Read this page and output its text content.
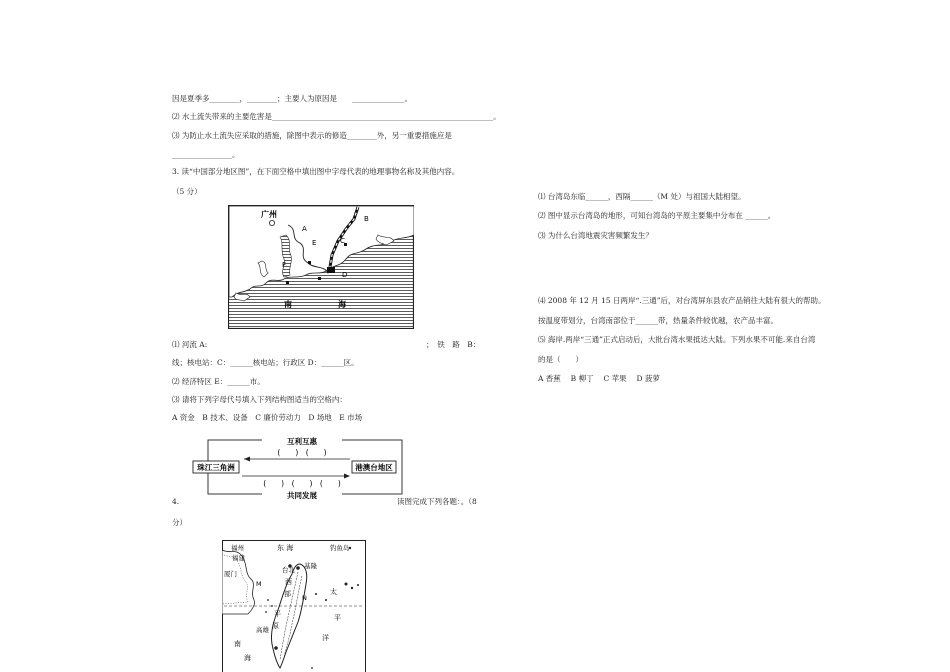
因是夏季多________，________；主要人为原因是　　______________。
⑵ 水土流失带来的主要危害是___________________________________________________________。
⑶ 为防止水土流失应采取的措施，除图中表示的修造________外，另一重要措施应是
________________。
3. 读“中国部分地区图”，在下面空格中填出图中字母代表的地理事物名称及其他内容。
（5 分）
广州
A
B
E	C
F
D
南	海
⑴ 河流 A:	；　铁　路　B：
线；核电站：C：______核电站；行政区 D：______区。
⑵ 经济特区 E：______市。
⑶ 请将下列字母代号填入下列结构图适当的空格内：
A 资金　B 技术、设备　C 廉价劳动力　D 场地　E 市场
互利互惠
共同发展
珠江三角洲	港澳台地区
(　　)　(　　)
(　　)　(　　)　(　　)
4.	读图完成下列各题：。（8
分）
福州	东 海	钓鱼岛
福建
基隆
台北
厦门
M
N
西
部
平
原
高雄
太
平
洋
南
海
⑴ 台湾岛东临______，西隔______（M 处）与祖国大陆相望。
⑵ 图中显示台湾岛的地形，可知台湾岛的平原主要集中分布在 ______。
⑶ 为什么台湾地震灾害频繁发生？
⑷ 2008 年 12 月 15 日两岸“.三通”后，对台湾屏东县农产品销往大陆有很大的帮助。
按温度带划分，台湾南部位于______带，热量条件较优越，农产品丰富。
⑸ 海岸.两岸“三通”正式启动后，大批台湾水果抵达大陆。下列水果不可能.来自台湾
的是（　　）
A 香蕉　 B 柳丁　 C 苹果　 D 菠萝
